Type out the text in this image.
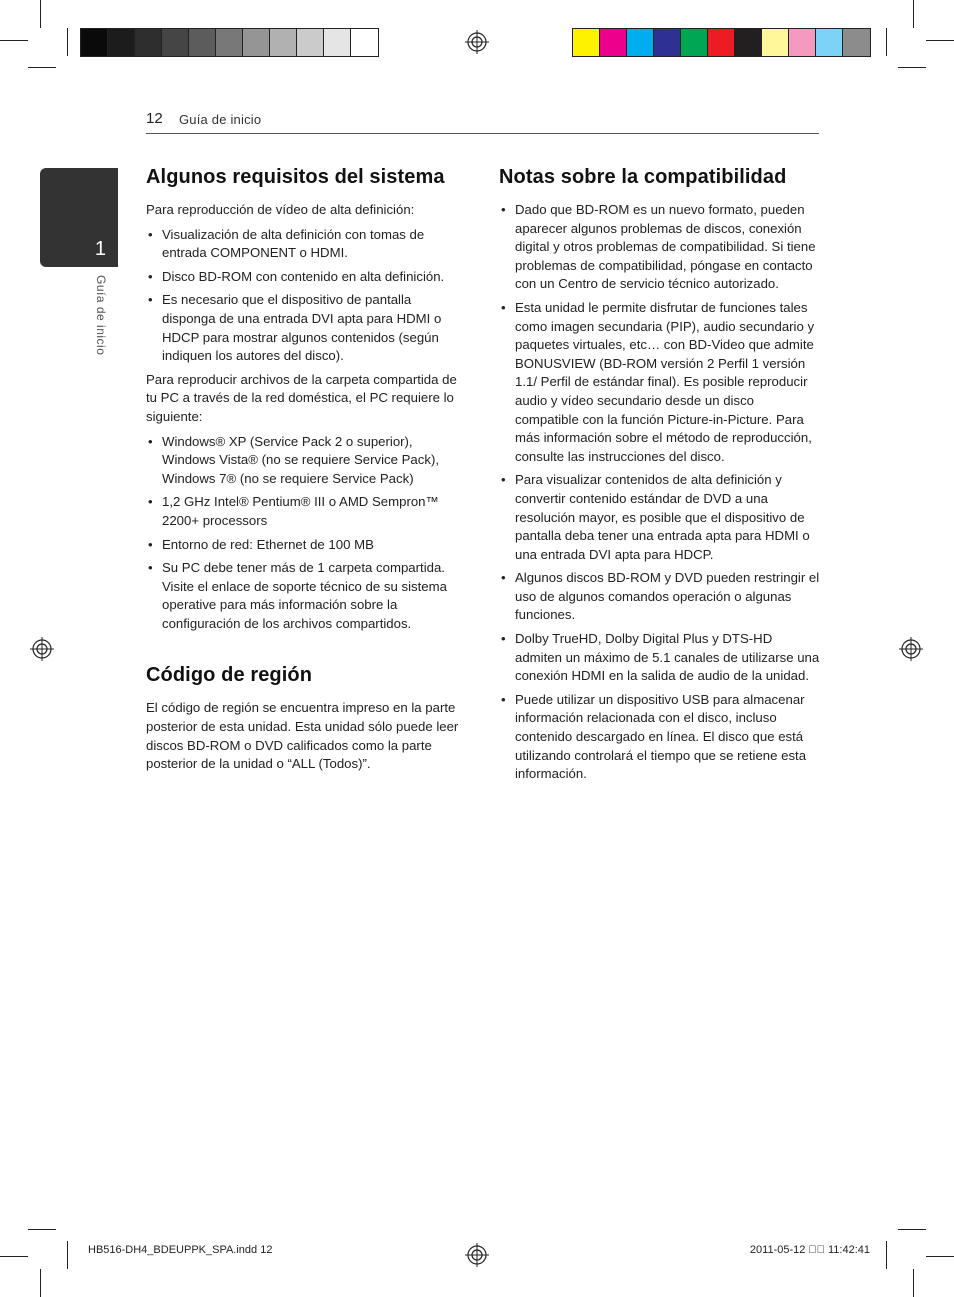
12 Guía de inicio
1
Guía de inicio
Algunos requisitos del sistema

Para reproducción de vídeo de alta definición:

• Visualización de alta definición con tomas de entrada COMPONENT o HDMI.
• Disco BD-ROM con contenido en alta definición.
• Es necesario que el dispositivo de pantalla disponga de una entrada DVI apta para HDMI o HDCP para mostrar algunos contenidos (según indiquen los autores del disco).

Para reproducir archivos de la carpeta compartida de tu PC a través de la red doméstica, el PC requiere lo siguiente:

• Windows® XP (Service Pack 2 o superior), Windows Vista® (no se requiere Service Pack), Windows 7® (no se requiere Service Pack)
• 1,2 GHz Intel® Pentium® III o AMD Sempron™ 2200+ processors
• Entorno de red: Ethernet de 100 MB
• Su PC debe tener más de 1 carpeta compartida. Visite el enlace de soporte técnico de su sistema operative para más información sobre la configuración de los archivos compartidos.
Código de región

El código de región se encuentra impreso en la parte posterior de esta unidad. Esta unidad sólo puede leer discos BD-ROM o DVD calificados como la parte posterior de la unidad o “ALL (Todos)”.

Notas sobre la compatibilidad
• Dado que BD-ROM es un nuevo formato, pueden aparecer algunos problemas de discos, conexión digital y otros problemas de compatibilidad. Si tiene problemas de compatibilidad, póngase en contacto con un Centro de servicio técnico autorizado.
• Esta unidad le permite disfrutar de funciones tales como imagen secundaria (PIP), audio secundario y paquetes virtuales, etc… con BD-Video que admite BONUSVIEW (BD-ROM versión 2 Perfil 1 versión 1.1/ Perfil de estándar final). Es posible reproducir audio y vídeo secundario desde un disco compatible con la función Picture-in-Picture. Para más información sobre el método de reproducción, consulte las instrucciones del disco.
• Para visualizar contenidos de alta definición y convertir contenido estándar de DVD a una resolución mayor, es posible que el dispositivo de pantalla deba tener una entrada apta para HDMI o una entrada DVI apta para HDCP.
• Algunos discos BD-ROM y DVD pueden restringir el uso de algunos comandos operación o algunas funciones.
• Dolby TrueHD, Dolby Digital Plus y DTS-HD admiten un máximo de 5.1 canales de utilizarse una conexión HDMI en la salida de audio de la unidad.
• Puede utilizar un dispositivo USB para almacenar información relacionada con el disco, incluso contenido descargado en línea. El disco que está utilizando controlará el tiempo que se retiene esta información.
HB516-DH4_BDEUPPK_SPA.indd 12	2011-05-12 ￿￿ 11:42:41
